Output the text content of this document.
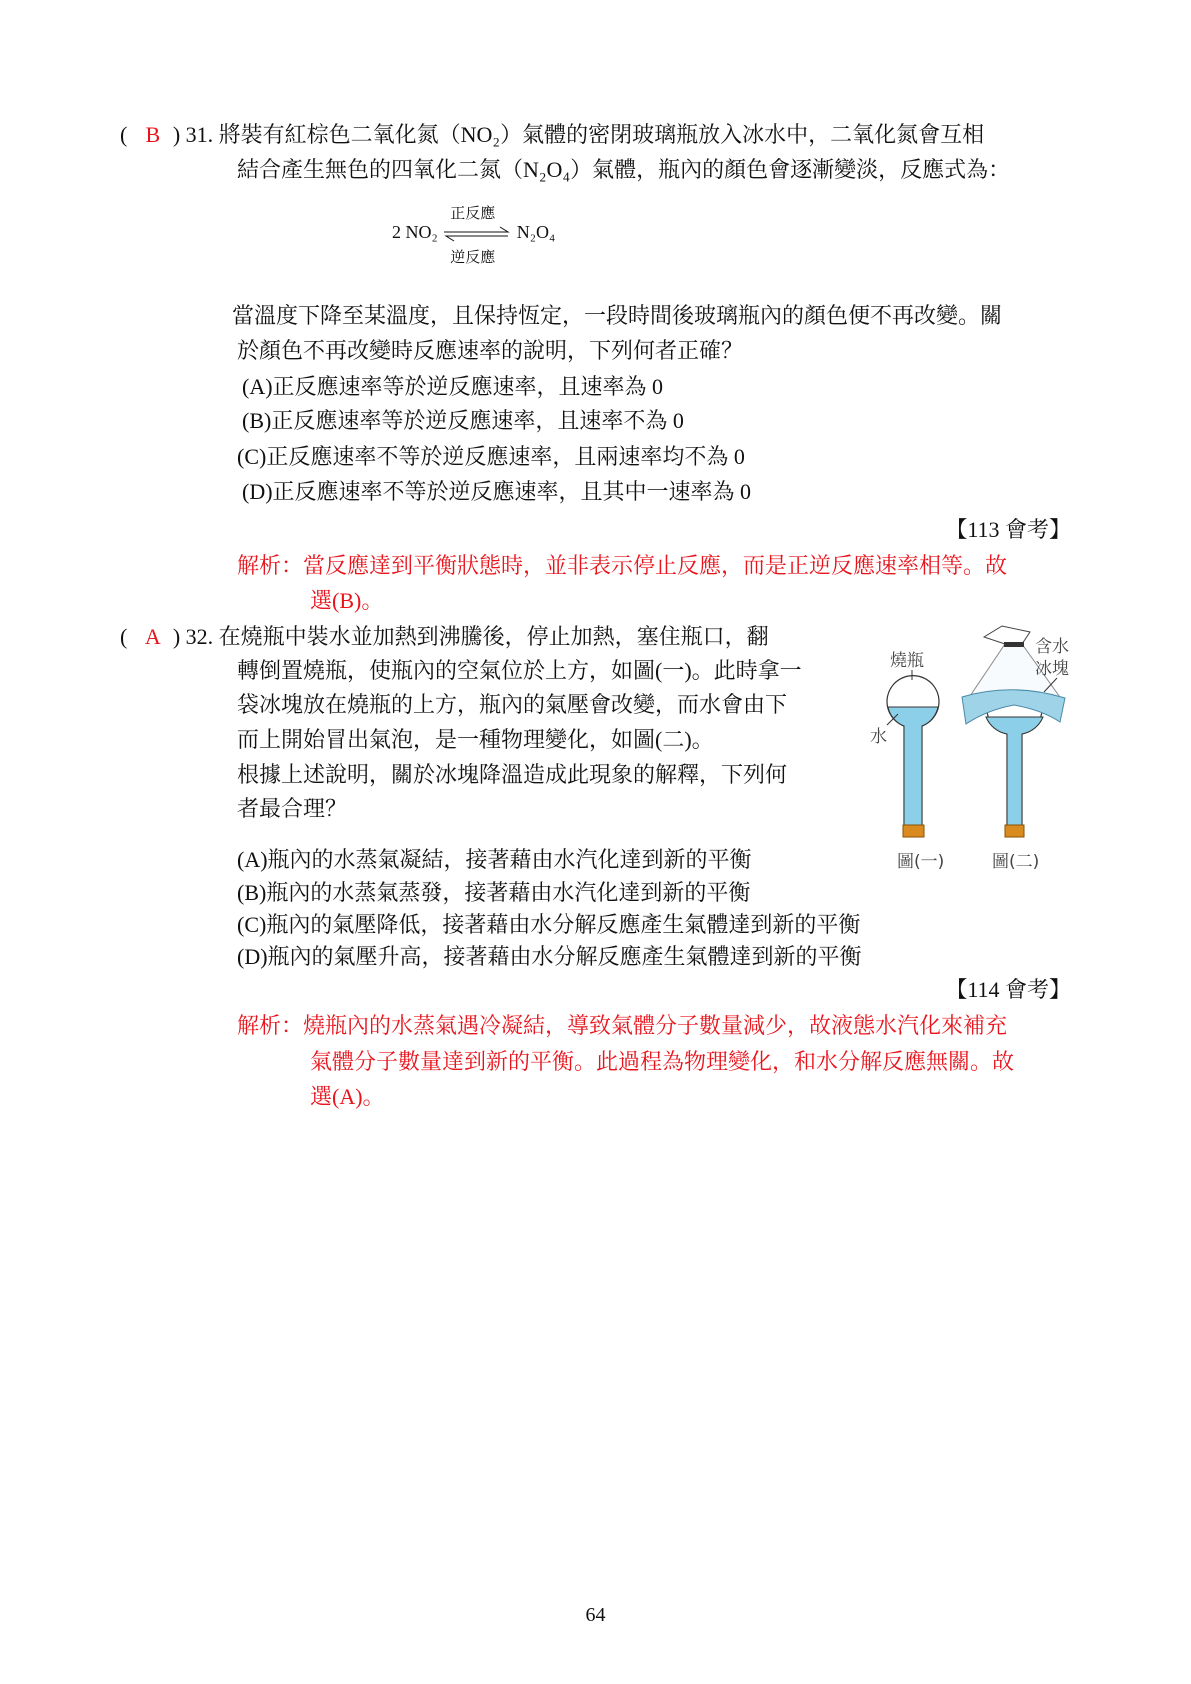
( B ) 31. 將裝有紅棕色二氧化氮（NO₂）氣體的密閉玻璃瓶放入冰水中，二氧化氮會互相
結合產生無色的四氧化二氮（N₂O₄）氣體，瓶內的顏色會逐漸變淡，反應式為：
2 NO₂
正反應
逆反應
N₂O₄
當溫度下降至某溫度，且保持恆定，一段時間後玻璃瓶內的顏色便不再改變。關
於顏色不再改變時反應速率的說明，下列何者正確？
(A)正反應速率等於逆反應速率，且速率為 0
(B)正反應速率等於逆反應速率，且速率不為 0
(C)正反應速率不等於逆反應速率，且兩速率均不為 0
(D)正反應速率不等於逆反應速率，且其中一速率為 0
【113 會考】
解析：當反應達到平衡狀態時，並非表示停止反應，而是正逆反應速率相等。故
選(B)。
( A ) 32. 在燒瓶中裝水並加熱到沸騰後，停止加熱，塞住瓶口，翻
轉倒置燒瓶，使瓶內的空氣位於上方，如圖(一)。此時拿一
袋冰塊放在燒瓶的上方，瓶內的氣壓會改變，而水會由下
而上開始冒出氣泡，是一種物理變化，如圖(二)。
根據上述說明，關於冰塊降溫造成此現象的解釋，下列何
者最合理？
燒瓶
水
圖(一)
含水
冰塊
圖(二)
(A)瓶內的水蒸氣凝結，接著藉由水汽化達到新的平衡
(B)瓶內的水蒸氣蒸發，接著藉由水汽化達到新的平衡
(C)瓶內的氣壓降低，接著藉由水分解反應產生氣體達到新的平衡
(D)瓶內的氣壓升高，接著藉由水分解反應產生氣體達到新的平衡
【114 會考】
解析：燒瓶內的水蒸氣遇冷凝結，導致氣體分子數量減少，故液態水汽化來補充
氣體分子數量達到新的平衡。此過程為物理變化，和水分解反應無關。故
選(A)。
64
